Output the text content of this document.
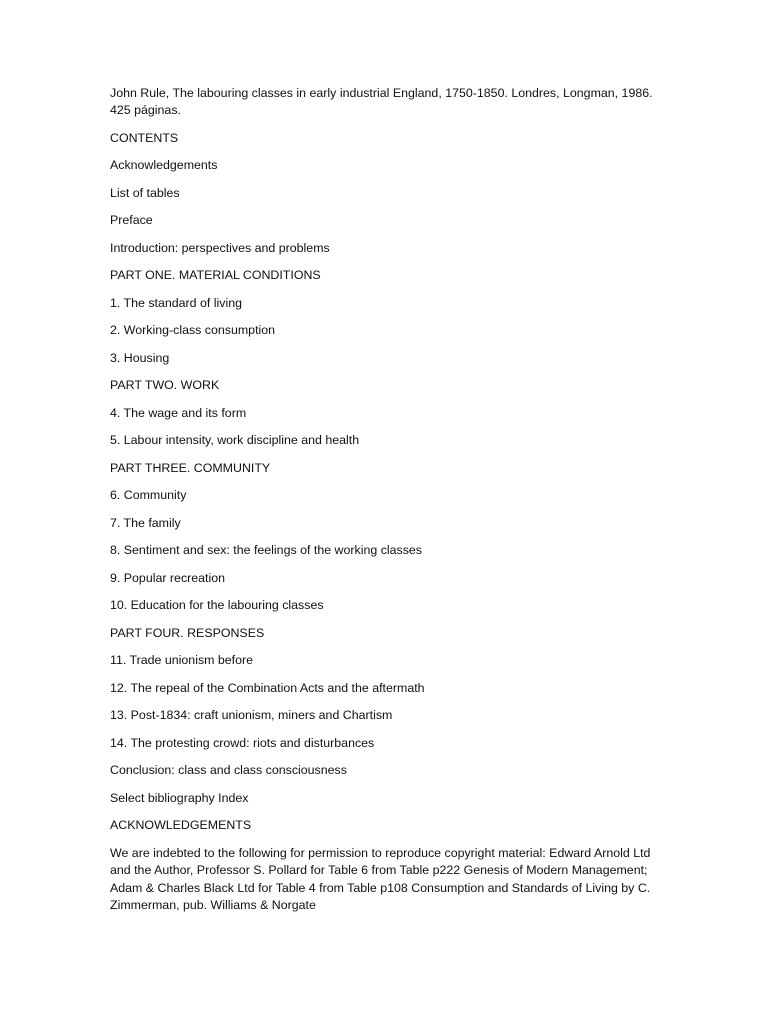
John Rule, The labouring classes in early industrial England, 1750-1850. Londres, Longman, 1986. 425 páginas.

CONTENTS

Acknowledgements

List of tables

Preface

Introduction: perspectives and problems

PART ONE. MATERIAL CONDITIONS

1. The standard of living

2. Working-class consumption

3. Housing

PART TWO. WORK

4. The wage and its form

5. Labour intensity, work discipline and health

PART THREE. COMMUNITY

6. Community

7. The family

8. Sentiment and sex: the feelings of the working classes

9. Popular recreation

10. Education for the labouring classes

PART FOUR. RESPONSES

11. Trade unionism before

12. The repeal of the Combination Acts and the aftermath

13. Post-1834: craft unionism, miners and Chartism

14. The protesting crowd: riots and disturbances

Conclusion: class and class consciousness

Select bibliography Index

ACKNOWLEDGEMENTS

We are indebted to the following for permission to reproduce copyright material: Edward Arnold Ltd and the Author, Professor S. Pollard for Table 6 from Table p222 Genesis of Modern Management; Adam & Charles Black Ltd for Table 4 from Table p108 Consumption and Standards of Living by C. Zimmerman, pub. Williams & Norgate
